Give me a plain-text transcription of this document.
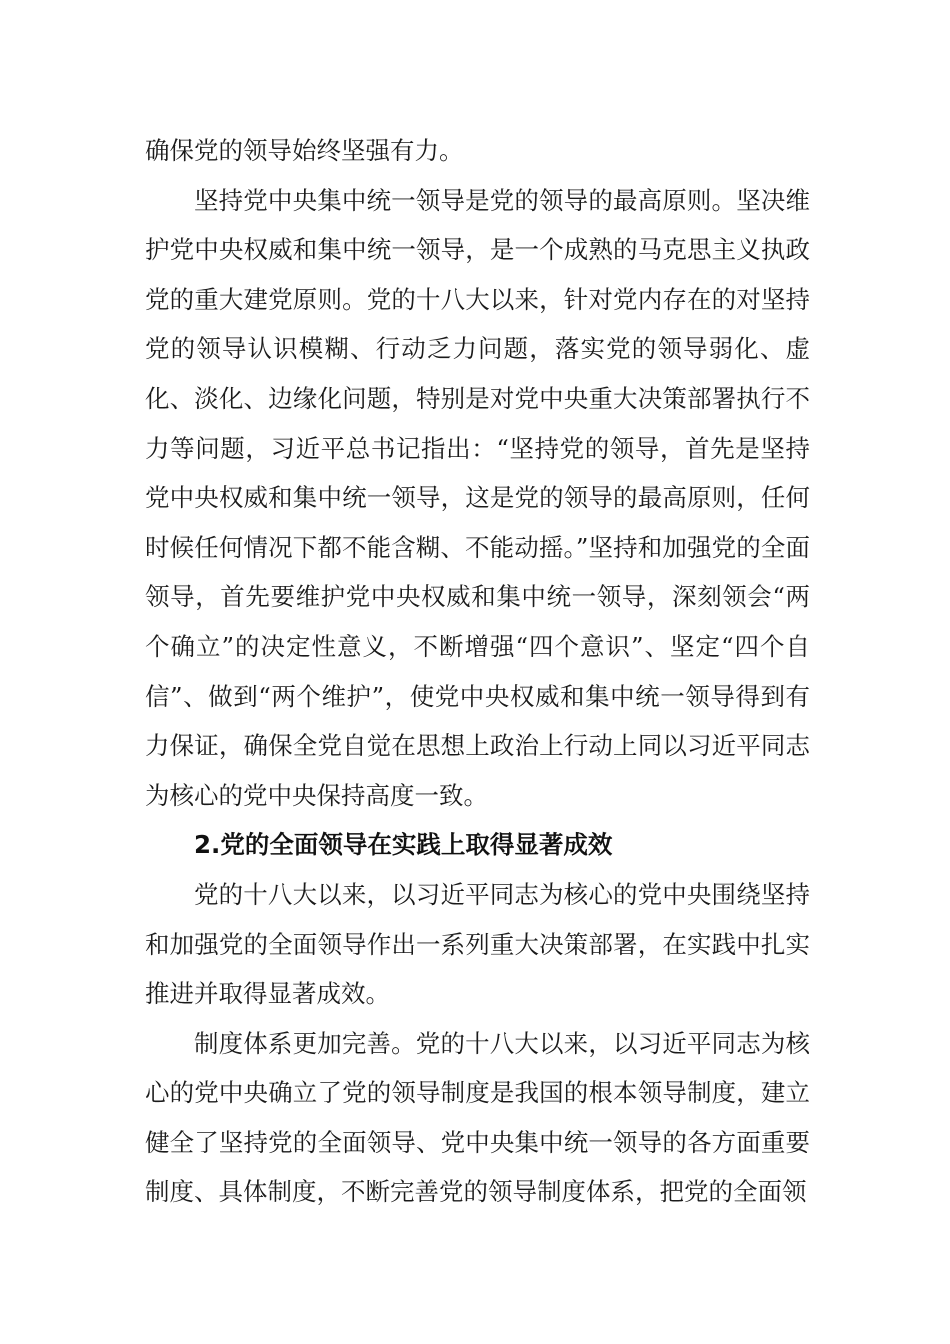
确保党的领导始终坚强有力。

坚持党中央集中统一领导是党的领导的最高原则。坚决维护党中央权威和集中统一领导，是一个成熟的马克思主义执政党的重大建党原则。党的十八大以来，针对党内存在的对坚持党的领导认识模糊、行动乏力问题，落实党的领导弱化、虚化、淡化、边缘化问题，特别是对党中央重大决策部署执行不力等问题，习近平总书记指出：“坚持党的领导，首先是坚持党中央权威和集中统一领导，这是党的领导的最高原则，任何时候任何情况下都不能含糊、不能动摇。”坚持和加强党的全面领导，首先要维护党中央权威和集中统一领导，深刻领会“两个确立”的决定性意义，不断增强“四个意识”、坚定“四个自信”、做到“两个维护”，使党中央权威和集中统一领导得到有力保证，确保全党自觉在思想上政治上行动上同以习近平同志为核心的党中央保持高度一致。

2.党的全面领导在实践上取得显著成效

党的十八大以来，以习近平同志为核心的党中央围绕坚持和加强党的全面领导作出一系列重大决策部署，在实践中扎实推进并取得显著成效。

制度体系更加完善。党的十八大以来，以习近平同志为核心的党中央确立了党的领导制度是我国的根本领导制度，建立健全了坚持党的全面领导、党中央集中统一领导的各方面重要制度、具体制度，不断完善党的领导制度体系，把党的全面领
